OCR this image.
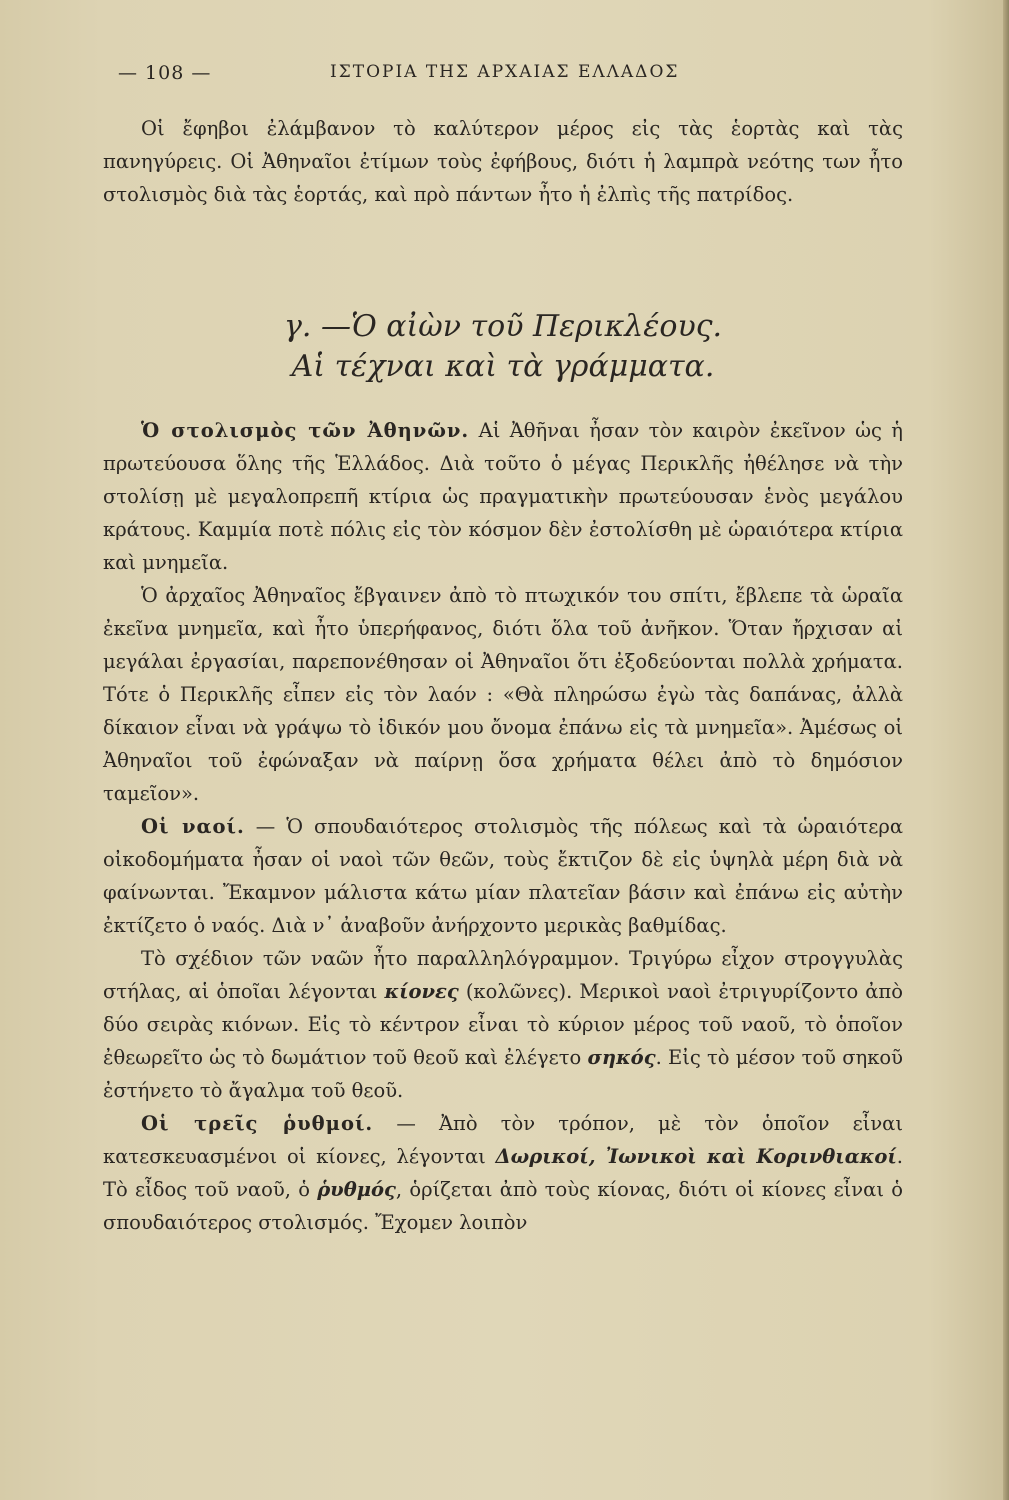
— 108 —	ΙΣΤΟΡΙΑ ΤΗΣ ΑΡΧΑΙΑΣ ΕΛΛΑΔΟΣ

Οἱ ἔφηβοι ἐλάμβανον τὸ καλύτερον μέρος εἰς τὰς ἑορτὰς καὶ τὰς πανηγύρεις. Οἱ Ἀθηναῖοι ἐτίμων τοὺς ἐφήβους, διότι ἡ λαμπρὰ νεότης των ἦτο στολισμὸς διὰ τὰς ἑορτάς, καὶ πρὸ πάντων ἦτο ἡ ἐλπὶς τῆς πατρίδος.

γ. —Ὁ αἰὼν τοῦ Περικλέους.
Αἱ τέχναι καὶ τὰ γράμματα.

Ὁ στολισμὸς τῶν Ἀθηνῶν. Αἱ Ἀθῆναι ἦσαν τὸν καιρὸν ἐκεῖνον ὡς ἡ πρωτεύουσα ὅλης τῆς Ἑλλάδος. Διὰ τοῦτο ὁ μέγας Περικλῆς ἠθέλησε νὰ τὴν στολίσῃ μὲ μεγαλοπρεπῆ κτίρια ὡς πραγματικὴν πρωτεύουσαν ἑνὸς μεγάλου κράτους. Καμμία ποτὲ πόλις εἰς τὸν κόσμον δὲν ἐστολίσθη μὲ ὡραιότερα κτίρια καὶ μνημεῖα.

Ὁ ἀρχαῖος Ἀθηναῖος ἔβγαινεν ἀπὸ τὸ πτωχικόν του σπίτι, ἔβλεπε τὰ ὡραῖα ἐκεῖνα μνημεῖα, καὶ ἦτο ὑπερήφανος, διότι ὅλα τοῦ ἀνῆκον. Ὅταν ἤρχισαν αἱ μεγάλαι ἐργασίαι, παρεπονέθησαν οἱ Ἀθηναῖοι ὅτι ἐξοδεύονται πολλὰ χρήματα. Τότε ὁ Περικλῆς εἶπεν εἰς τὸν λαόν : «Θὰ πληρώσω ἐγὼ τὰς δαπάνας, ἀλλὰ δίκαιον εἶναι νὰ γράψω τὸ ἰδικόν μου ὄνομα ἐπάνω εἰς τὰ μνημεῖα». Ἀμέσως οἱ Ἀθηναῖοι τοῦ ἐφώναξαν νὰ παίρνῃ ὅσα χρήματα θέλει ἀπὸ τὸ δημόσιον ταμεῖον».

Οἱ ναοί. — Ὁ σπουδαιότερος στολισμὸς τῆς πόλεως καὶ τὰ ὡραιότερα οἰκοδομήματα ἦσαν οἱ ναοὶ τῶν θεῶν, τοὺς ἔκτιζον δὲ εἰς ὑψηλὰ μέρη διὰ νὰ φαίνωνται. Ἔκαμνον μάλιστα κάτω μίαν πλατεῖαν βάσιν καὶ ἐπάνω εἰς αὐτὴν ἐκτίζετο ὁ ναός. Διὰ ν᾽ ἀναβοῦν ἀνήρχοντο μερικὰς βαθμίδας.

Τὸ σχέδιον τῶν ναῶν ἦτο παραλληλόγραμμον. Τριγύρω εἶχον στρογγυλὰς στήλας, αἱ ὁποῖαι λέγονται κίονες (κολῶνες). Μερικοὶ ναοὶ ἐτριγυρίζοντο ἀπὸ δύο σειρὰς κιόνων. Εἰς τὸ κέντρον εἶναι τὸ κύριον μέρος τοῦ ναοῦ, τὸ ὁποῖον ἐθεωρεῖτο ὡς τὸ δωμάτιον τοῦ θεοῦ καὶ ἐλέγετο σηκός. Εἰς τὸ μέσον τοῦ σηκοῦ ἐστήνετο τὸ ἄγαλμα τοῦ θεοῦ.

Οἱ τρεῖς ῥυθμοί. — Ἀπὸ τὸν τρόπον, μὲ τὸν ὁποῖον εἶναι κατεσκευασμένοι οἱ κίονες, λέγονται Δωρικοί, Ἰωνικοὶ καὶ Κορινθιακοί. Τὸ εἶδος τοῦ ναοῦ, ὁ ῥυθμός, ὁρίζεται ἀπὸ τοὺς κίονας, διότι οἱ κίονες εἶναι ὁ σπουδαιότερος στολισμός. Ἔχομεν λοιπὸν
